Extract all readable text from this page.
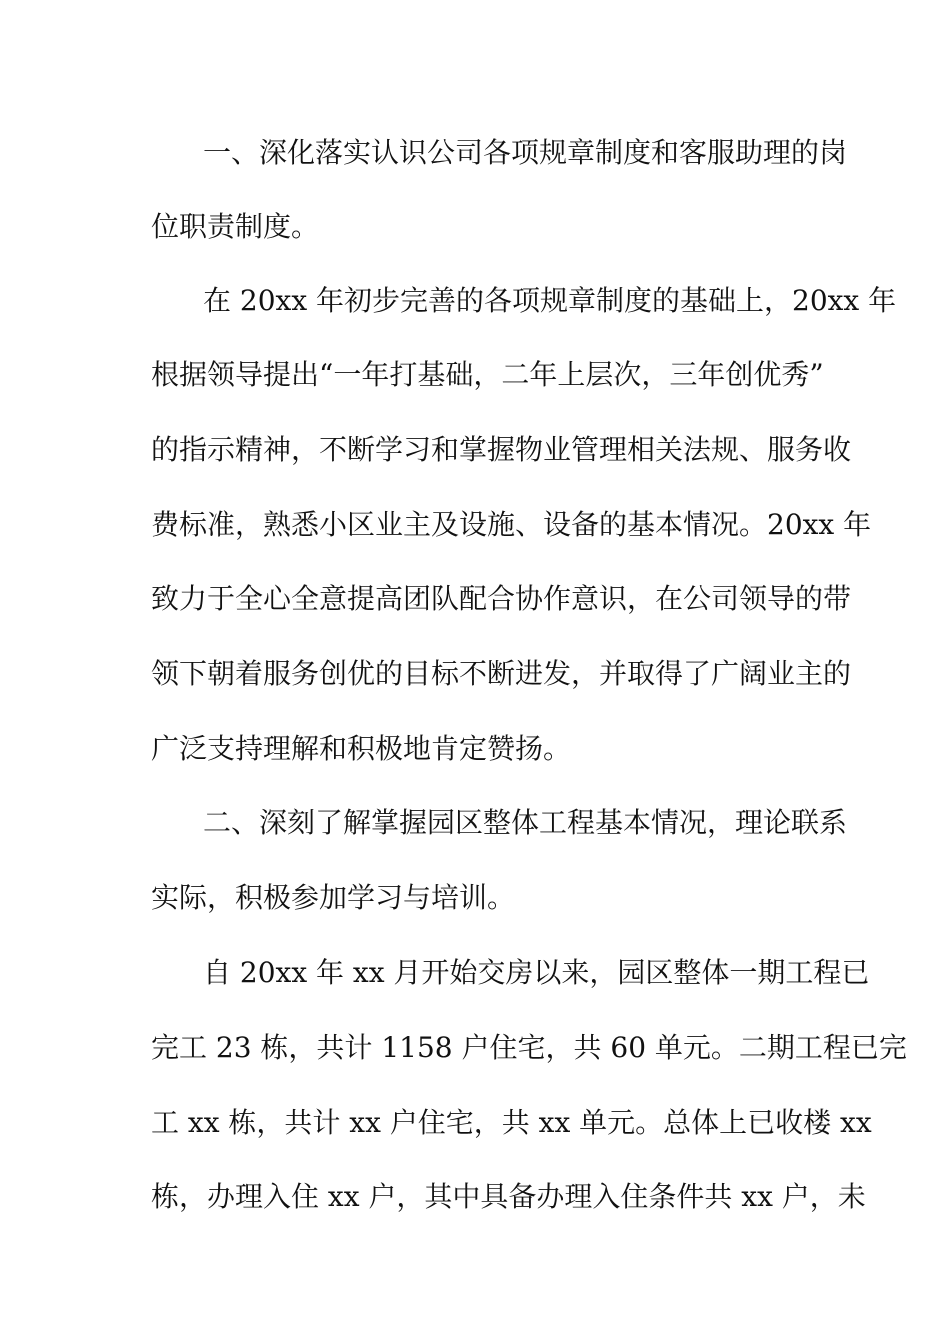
一、深化落实认识公司各项规章制度和客服助理的岗
位职责制度。
在 20xx 年初步完善的各项规章制度的基础上，20xx 年
根据领导提出“一年打基础，二年上层次，三年创优秀”
的指示精神，不断学习和掌握物业管理相关法规、服务收
费标准，熟悉小区业主及设施、设备的基本情况。20xx 年
致力于全心全意提高团队配合协作意识，在公司领导的带
领下朝着服务创优的目标不断进发，并取得了广阔业主的
广泛支持理解和积极地肯定赞扬。
二、深刻了解掌握园区整体工程基本情况，理论联系
实际，积极参加学习与培训。
自 20xx 年 xx 月开始交房以来，园区整体一期工程已
完工 23 栋，共计 1158 户住宅，共 60 单元。二期工程已完
工 xx 栋，共计 xx 户住宅，共 xx 单元。总体上已收楼 xx
栋，办理入住 xx 户，其中具备办理入住条件共 xx 户，未
